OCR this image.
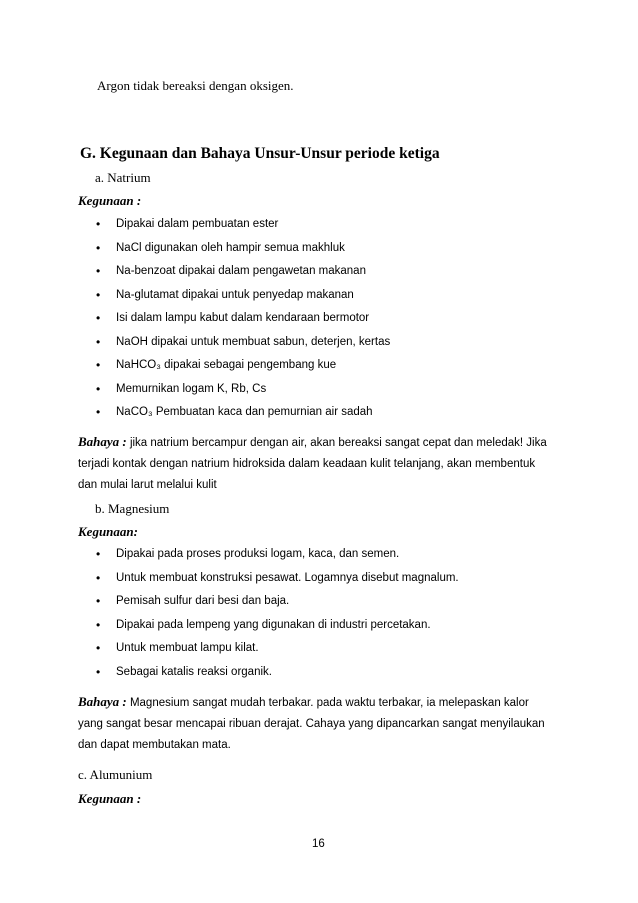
Argon tidak bereaksi dengan oksigen.
G. Kegunaan dan Bahaya Unsur-Unsur periode ketiga
a. Natrium
Kegunaan :
• Dipakai dalam pembuatan ester
• NaCl digunakan oleh hampir semua makhluk
• Na-benzoat dipakai dalam pengawetan makanan
• Na-glutamat dipakai untuk penyedap makanan
• Isi dalam lampu kabut dalam kendaraan bermotor
• NaOH dipakai untuk membuat sabun, deterjen, kertas
• NaHCO₃ dipakai sebagai pengembang kue
• Memurnikan logam K, Rb, Cs
• NaCO₃ Pembuatan kaca dan pemurnian air sadah
Bahaya : jika natrium bercampur dengan air, akan bereaksi sangat cepat dan meledak! Jika
terjadi kontak dengan natrium hidroksida dalam keadaan kulit telanjang, akan membentuk
dan mulai larut melalui kulit
b. Magnesium
Kegunaan:
• Dipakai pada proses produksi logam, kaca, dan semen.
• Untuk membuat konstruksi pesawat. Logamnya disebut magnalum.
• Pemisah sulfur dari besi dan baja.
• Dipakai pada lempeng yang digunakan di industri percetakan.
• Untuk membuat lampu kilat.
• Sebagai katalis reaksi organik.
Bahaya : Magnesium sangat mudah terbakar. pada waktu terbakar, ia melepaskan kalor
yang sangat besar mencapai ribuan derajat. Cahaya yang dipancarkan sangat menyilaukan
dan dapat membutakan mata.
c. Alumunium
Kegunaan :
16
